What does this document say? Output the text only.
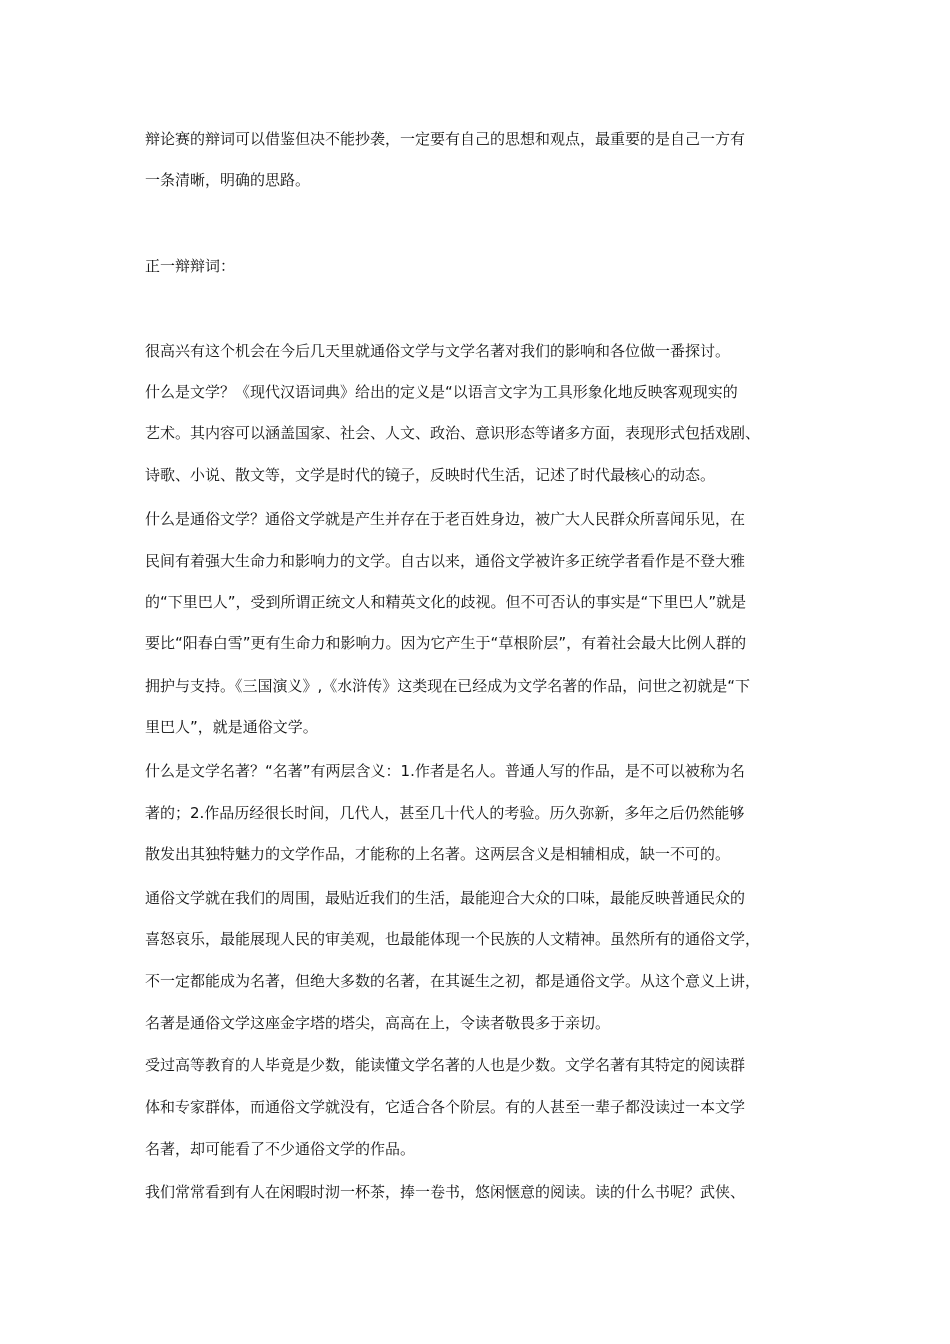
辩论赛的辩词可以借鉴但决不能抄袭，一定要有自己的思想和观点，最重要的是自己一方有
一条清晰，明确的思路。
正一辩辩词：
很高兴有这个机会在今后几天里就通俗文学与文学名著对我们的影响和各位做一番探讨。
什么是文学？《现代汉语词典》给出的定义是“以语言文字为工具形象化地反映客观现实的
艺术。其内容可以涵盖国家、社会、人文、政治、意识形态等诸多方面，表现形式包括戏剧、
诗歌、小说、散文等，文学是时代的镜子，反映时代生活，记述了时代最核心的动态。
什么是通俗文学？通俗文学就是产生并存在于老百姓身边，被广大人民群众所喜闻乐见，在
民间有着强大生命力和影响力的文学。自古以来，通俗文学被许多正统学者看作是不登大雅
的“下里巴人”，受到所谓正统文人和精英文化的歧视。但不可否认的事实是“下里巴人”就是
要比“阳春白雪”更有生命力和影响力。因为它产生于“草根阶层”，有着社会最大比例人群的
拥护与支持。《三国演义》,《水浒传》这类现在已经成为文学名著的作品，问世之初就是“下
里巴人”，就是通俗文学。
什么是文学名著？“名著”有两层含义：1.作者是名人。普通人写的作品，是不可以被称为名
著的；2.作品历经很长时间，几代人，甚至几十代人的考验。历久弥新，多年之后仍然能够
散发出其独特魅力的文学作品，才能称的上名著。这两层含义是相辅相成，缺一不可的。
通俗文学就在我们的周围，最贴近我们的生活，最能迎合大众的口味，最能反映普通民众的
喜怒哀乐，最能展现人民的审美观，也最能体现一个民族的人文精神。虽然所有的通俗文学，
不一定都能成为名著，但绝大多数的名著，在其诞生之初，都是通俗文学。从这个意义上讲，
名著是通俗文学这座金字塔的塔尖，高高在上，令读者敬畏多于亲切。
受过高等教育的人毕竟是少数，能读懂文学名著的人也是少数。文学名著有其特定的阅读群
体和专家群体，而通俗文学就没有，它适合各个阶层。有的人甚至一辈子都没读过一本文学
名著，却可能看了不少通俗文学的作品。
我们常常看到有人在闲暇时沏一杯茶，捧一卷书，悠闲惬意的阅读。读的什么书呢？武侠、
